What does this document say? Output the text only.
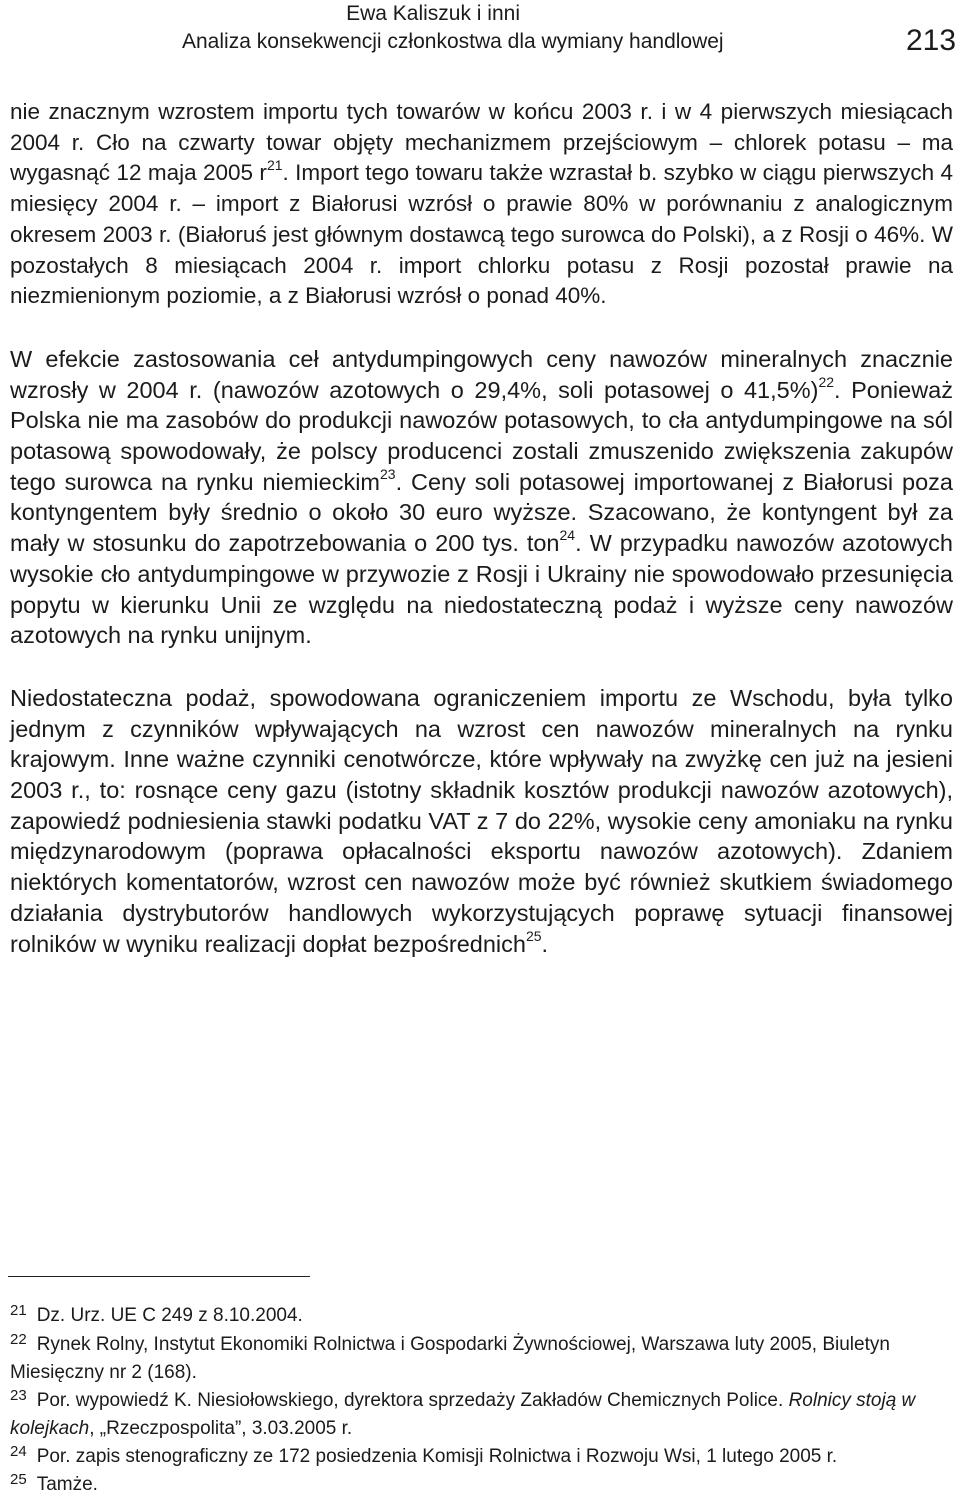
Ewa Kaliszuk i inni
Analiza konsekwencji członkostwa dla wymiany handlowej	213

nie znacznym wzrostem importu tych towarów w końcu 2003 r. i w 4 pierwszych miesiącach 2004 r. Cło na czwarty towar objęty mechanizmem przejściowym – chlorek potasu – ma wygasnąć 12 maja 2005 $r^{21}$. Import tego towaru także wzrastał b. szybko w ciągu pierwszych 4 miesięcy 2004 r. – import z Białorusi wzrósł o prawie 80% w porównaniu z analogicznym okresem 2003 r. (Białoruś jest głównym dostawcą tego surowca do Polski), a z Rosji o 46%. W pozostałych 8 miesiącach 2004 r. import chlorku potasu z Rosji pozostał prawie na niezmienionym poziomie, a z Białorusi wzrósł o ponad 40%.

W efekcie zastosowania ceł antydumpingowych ceny nawozów mineralnych znacznie wzrosły w 2004 r. (nawozów azotowych o 29,4%, soli potasowej o 41,5%)$^{22}$. Ponieważ Polska nie ma zasobów do produkcji nawozów potasowych, to cła antydumpingowe na sól potasową spowodowały, że polscy producenci zostali zmuszenido zwiększenia zakupów tego surowca na rynku niemieckim$^{23}$. Ceny soli potasowej importowanej z Białorusi poza kontyngentem były średnio o około 30 euro wyższe. Szacowano, że kontyngent był za mały w stosunku do zapotrzebowania o 200 tys. ton$^{24}$. W przypadku nawozów azotowych wysokie cło antydumpingowe w przywozie z Rosji i Ukrainy nie spowodowało przesunięcia popytu w kierunku Unii ze względu na niedostateczną podaż i wyższe ceny nawozów azotowych na rynku unijnym.

Niedostateczna podaż, spowodowana ograniczeniem importu ze Wschodu, była tylko jednym z czynników wpływających na wzrost cen nawozów mineralnych na rynku krajowym. Inne ważne czynniki cenotwórcze, które wpływały na zwyżkę cen już na jesieni 2003 r., to: rosnące ceny gazu (istotny składnik kosztów produkcji nawozów azotowych), zapowiedź podniesienia stawki podatku VAT z 7 do 22%, wysokie ceny amoniaku na rynku międzynarodowym (poprawa opłacalności eksportu nawozów azotowych). Zdaniem niektórych komentatorów, wzrost cen nawozów może być również skutkiem świadomego działania dystrybutorów handlowych wykorzystujących poprawę sytuacji finansowej rolników w wyniku realizacji dopłat bezpośrednich$^{25}$.

$^{21}$ Dz. Urz. UE C 249 z 8.10.2004.

$^{22}$ Rynek Rolny, Instytut Ekonomiki Rolnictwa i Gospodarki Żywnościowej, Warszawa luty 2005, Biuletyn Miesięczny nr 2 (168).

$^{23}$ Por. wypowiedź K. Niesiołowskiego, dyrektora sprzedaży Zakładów Chemicznych Police. Rolnicy stoją w kolejkach, „Rzeczpospolita”, 3.03.2005 r.

$^{24}$ Por. zapis stenograficzny ze 172 posiedzenia Komisji Rolnictwa i Rozwoju Wsi, 1 lutego 2005 r.

$^{25}$ Tamże.
